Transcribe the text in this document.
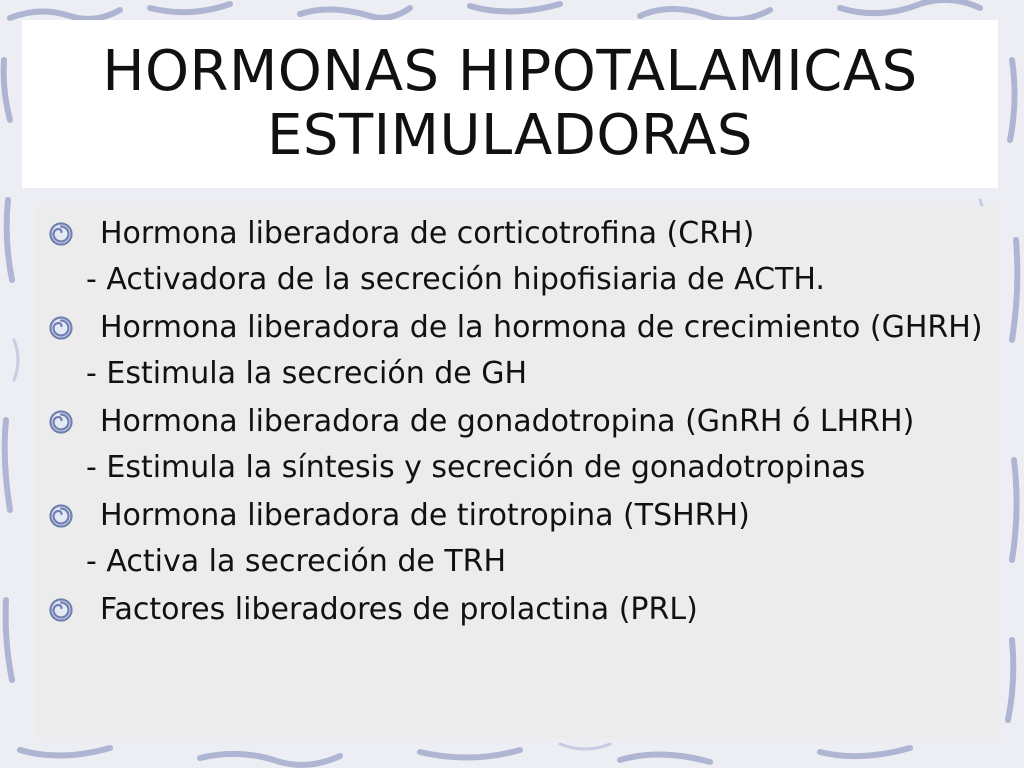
HORMONAS HIPOTALAMICAS
ESTIMULADORAS
Hormona liberadora de corticotrofina (CRH)
- Activadora de la secreción hipofisiaria de ACTH.
Hormona liberadora de la hormona de crecimiento (GHRH)
- Estimula la secreción de GH
Hormona liberadora de gonadotropina (GnRH ó LHRH)
- Estimula la síntesis y secreción de gonadotropinas
Hormona liberadora de tirotropina (TSHRH)
- Activa la secreción de TRH
Factores liberadores de prolactina (PRL)
